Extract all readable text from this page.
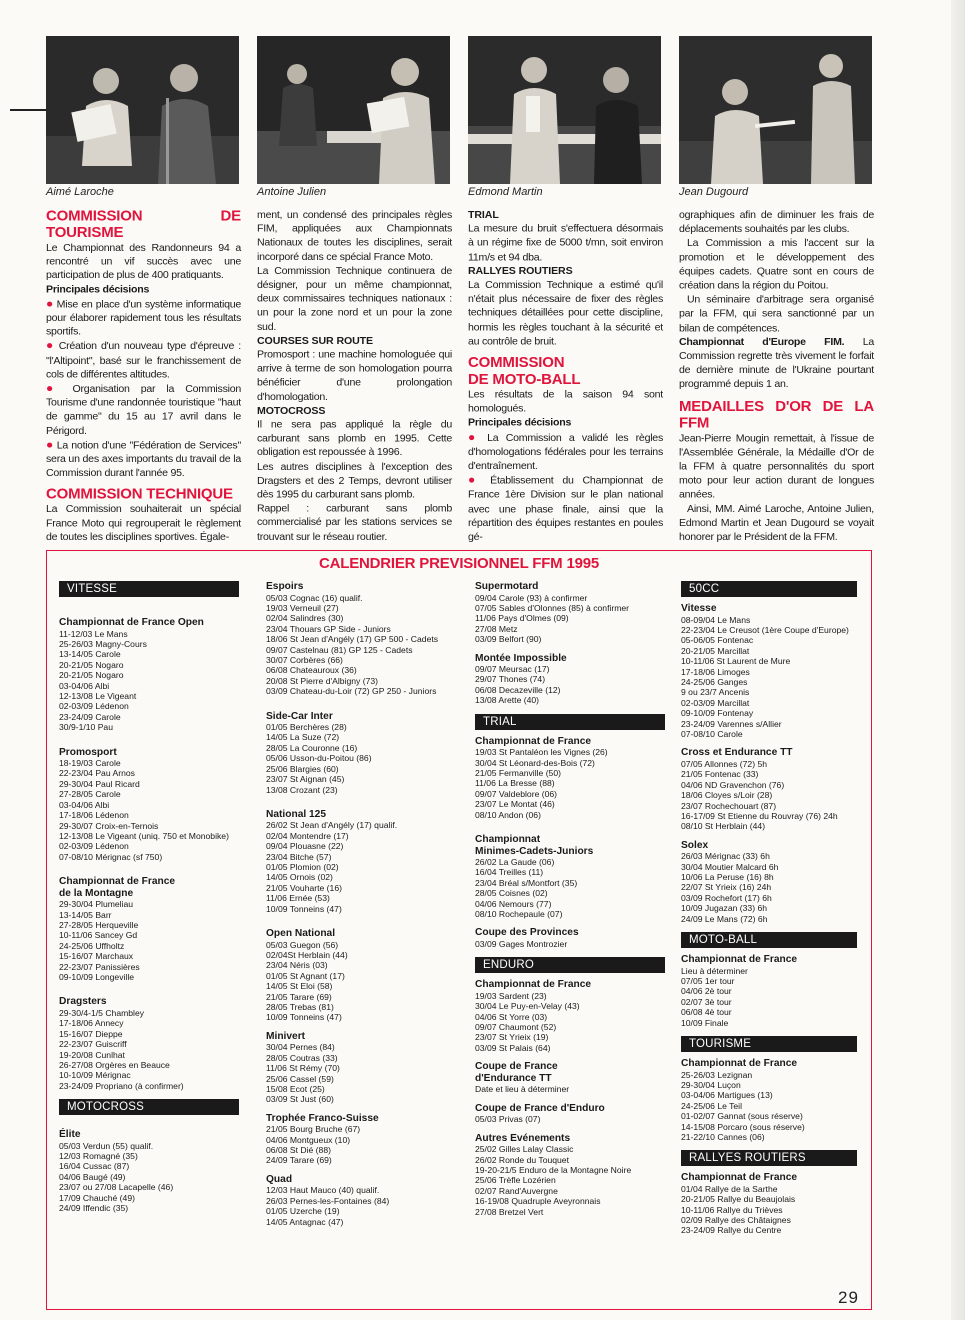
Aimé Laroche	Antoine Julien	Edmond Martin	Jean Dugourd

COMMISSION DE TOURISME

Le Championnat des Randonneurs 94 a rencontré un vif succès avec une participation de plus de 400 pratiquants.

Principales décisions

● Mise en place d'un système informatique pour élaborer rapidement tous les résultats sportifs.

● Création d'un nouveau type d'épreuve : "l'Altipoint", basé sur le franchissement de cols de différentes altitudes.

● Organisation par la Commission Tourisme d'une randonnée touristique "haut de gamme" du 15 au 17 avril dans le Périgord.

● La notion d'une "Fédération de Services" sera un des axes importants du travail de la Commission durant l'année 95.

COMMISSION TECHNIQUE

La Commission souhaiterait un spécial France Moto qui regrouperait le règlement de toutes les disciplines sportives. Égale-

ment, un condensé des principales règles FIM, appliquées aux Championnats Nationaux de toutes les disciplines, serait incorporé dans ce spécial France Moto.

La Commission Technique continuera de désigner, pour un même championnat, deux commissaires techniques nationaux : un pour la zone nord et un pour la zone sud.

COURSES SUR ROUTE

Promosport : une machine homologuée qui arrive à terme de son homologation pourra bénéficier d'une prolongation d'homologation.

MOTOCROSS

Il ne sera pas appliqué la règle du carburant sans plomb en 1995. Cette obligation est repoussée à 1996.

Les autres disciplines à l'exception des Dragsters et des 2 Temps, devront utiliser dès 1995 du carburant sans plomb.

Rappel : carburant sans plomb commercialisé par les stations services se trouvant sur le réseau routier.

TRIAL

La mesure du bruit s'effectuera désormais à un régime fixe de 5000 t/mn, soit environ 11m/s et 94 dba.

RALLYES ROUTIERS

La Commission Technique a estimé qu'il n'était plus nécessaire de fixer des règles techniques détaillées pour cette discipline, hormis les règles touchant à la sécurité et au contrôle de bruit.

COMMISSION

DE MOTO-BALL

Les résultats de la saison 94 sont homologués.

Principales décisions

● La Commission a validé les règles d'homologations fédérales pour les terrains d'entraînement.

● Établissement du Championnat de France 1ère Division sur le plan national avec une phase finale, ainsi que la répartition des équipes restantes en poules gé-

ographiques afin de diminuer les frais de déplacements souhaités par les clubs.

La Commission a mis l'accent sur la promotion et le développement des équipes cadets. Quatre sont en cours de création dans la région du Poitou.

Un séminaire d'arbitrage sera organisé par la FFM, qui sera sanctionné par un bilan de compétences.

Championnat d'Europe FIM. La Commission regrette très vivement le forfait de dernière minute de l'Ukraine pourtant programmé depuis 1 an.

MEDAILLES D'OR DE LA FFM

Jean-Pierre Mougin remettait, à l'issue de l'Assemblée Générale, la Médaille d'Or de la FFM à quatre personnalités du sport moto pour leur action durant de longues années.

Ainsi, MM. Aimé Laroche, Antoine Julien, Edmond Martin et Jean Dugourd se voyait honorer par le Président de la FFM.

CALENDRIER PREVISIONNEL FFM 1995
VITESSE

Championnat de France Open

11-12/03 Le Mans

25-26/03 Magny-Cours

13-14/05 Carole

20-21/05 Nogaro

20-21/05 Nogaro

03-04/06 Albi

12-13/08 Le Vigeant

02-03/09 Lédenon

23-24/09 Carole

30/9-1/10 Pau

Promosport

18-19/03 Carole

22-23/04 Pau Arnos

29-30/04 Paul Ricard

27-28/05 Carole

03-04/06 Albi

17-18/06 Lédenon

29-30/07 Croix-en-Ternois

12-13/08 Le Vigeant (uniq. 750 et Monobike)

02-03/09 Lédenon

07-08/10 Mérignac (sf 750)

Championnat de France

de la Montagne

29-30/04 Plumeliau

13-14/05 Barr

27-28/05 Herqueville

10-11/06 Sancey Gd

24-25/06 Uffholtz

15-16/07 Marchaux

22-23/07 Panissières

09-10/09 Longeville

Dragsters

29-30/4-1/5 Chambley

17-18/06 Annecy

15-16/07 Dieppe

22-23/07 Guiscriff

19-20/08 Cunlhat

26-27/08 Orgères en Beauce

10-10/09 Mérignac

23-24/09 Propriano (à confirmer)

MOTOCROSS

Élite

05/03 Verdun (55) qualif.

12/03 Romagné (35)

16/04 Cussac (87)

04/06 Baugé (49)

23/07 ou 27/08 Lacapelle (46)

17/09 Chauché (49)

24/09 Iffendic (35)

Espoirs

05/03 Cognac (16) qualif.

19/03 Verneuil (27)

02/04 Salindres (30)

23/04 Thouars GP Side - Juniors

18/06 St Jean d'Angély (17) GP 500 - Cadets

09/07 Castelnau (81) GP 125 - Cadets

30/07 Corbères (66)

06/08 Chateauroux (36)

20/08 St Pierre d'Albigny (73)

03/09 Chateau-du-Loir (72) GP 250 - Juniors

Side-Car Inter

01/05 Berchères (28)

14/05 La Suze (72)

28/05 La Couronne (16)

05/06 Usson-du-Poitou (86)

25/06 Blargies (60)

23/07 St Aignan (45)

13/08 Crozant (23)

National 125

26/02 St Jean d'Angély (17) qualif.

02/04 Montendre (17)

09/04 Plouasne (22)

23/04 Bitche (57)

01/05 Plomion (02)

14/05 Ornois (02)

21/05 Vouharte (16)

11/06 Ernée (53)

10/09 Tonneins (47)

Open National

05/03 Guegon (56)

02/04St Herblain (44)

23/04 Néris (03)

01/05 St Agnant (17)

14/05 St Eloi (58)

21/05 Tarare (69)

28/05 Trebas (81)

10/09 Tonneins (47)

Minivert

30/04 Pernes (84)

28/05 Coutras (33)

11/06 St Rémy (70)

25/06 Cassel (59)

15/08 Ecot (25)

03/09 St Just (60)

Trophée Franco-Suisse

21/05 Bourg Bruche (67)

04/06 Montgueux (10)

06/08 St Dié (88)

24/09 Tarare (69)

Quad

12/03 Haut Mauco (40) qualif.

26/03 Pernes-les-Fontaines (84)

01/05 Uzerche (19)

14/05 Antagnac (47)

Supermotard

09/04 Carole (93) à confirmer

07/05 Sables d'Olonnes (85) à confirmer

11/06 Pays d'Olmes (09)

27/08 Metz

03/09 Belfort (90)

Montée Impossible

09/07 Meursac (17)

29/07 Thones (74)

06/08 Decazeville (12)

13/08 Arette (40)

TRIAL

Championnat de France

19/03 St Pantaléon les Vignes (26)

30/04 St Léonard-des-Bois (72)

21/05 Fermanville (50)

11/06 La Bresse (88)

09/07 Valdeblore (06)

23/07 Le Montat (46)

08/10 Andon (06)

Championnat

Minimes-Cadets-Juniors

26/02 La Gaude (06)

16/04 Treilles (11)

23/04 Bréal s/Montfort (35)

28/05 Coisnes (02)

04/06 Nemours (77)

08/10 Rochepaule (07)

Coupe des Provinces

03/09 Gages Montrozier

ENDURO

Championnat de France

19/03 Sardent (23)

30/04 Le Puy-en-Velay (43)

04/06 St Yorre (03)

09/07 Chaumont (52)

23/07 St Yrieix (19)

03/09 St Palais (64)

Coupe de France

d'Endurance TT

Date et lieu à déterminer

Coupe de France d'Enduro

05/03 Privas (07)

Autres Evénements

25/02 Gilles Lalay Classic

26/02 Ronde du Touquet

19-20-21/5 Enduro de la Montagne Noire

25/06 Trèfle Lozérien

02/07 Rand'Auvergne

16-19/08 Quadruple Aveyronnais

27/08 Bretzel Vert

50CC

Vitesse

08-09/04 Le Mans

22-23/04 Le Creusot (1ère Coupe d'Europe)

05-06/05 Fontenac

20-21/05 Marcillat

10-11/06 St Laurent de Mure

17-18/06 Limoges

24-25/06 Ganges

9 ou 23/7 Ancenis

02-03/09 Marcillat

09-10/09 Fontenay

23-24/09 Varennes s/Allier

07-08/10 Carole

Cross et Endurance TT

07/05 Allonnes (72) 5h

21/05 Fontenac (33)

04/06 ND Gravenchon (76)

18/06 Cloyes s/Loir (28)

23/07 Rochechouart (87)

16-17/09 St Etienne du Rouvray (76) 24h

08/10 St Herblain (44)

Solex

26/03 Mérignac (33) 6h

30/04 Moutier Malcard 6h

10/06 La Peruse (16) 8h

22/07 St Yrieix (16) 24h

03/09 Rochefort (17) 6h

10/09 Jugazan (33) 6h

24/09 Le Mans (72) 6h

MOTO-BALL

Championnat de France

Lieu à déterminer

07/05 1er tour

04/06 2è tour

02/07 3è tour

06/08 4è tour

10/09 Finale

TOURISME

Championnat de France

25-26/03 Lezignan

29-30/04 Luçon

03-04/06 Martigues (13)

24-25/06 Le Teil

01-02/07 Gannat (sous réserve)

14-15/08 Porcaro (sous réserve)

21-22/10 Cannes (06)

RALLYES ROUTIERS

Championnat de France

01/04 Rallye de la Sarthe

20-21/05 Rallye du Beaujolais

10-11/06 Rallye du Trièves

02/09 Rallye des Châtaignes

23-24/09 Rallye du Centre

29
